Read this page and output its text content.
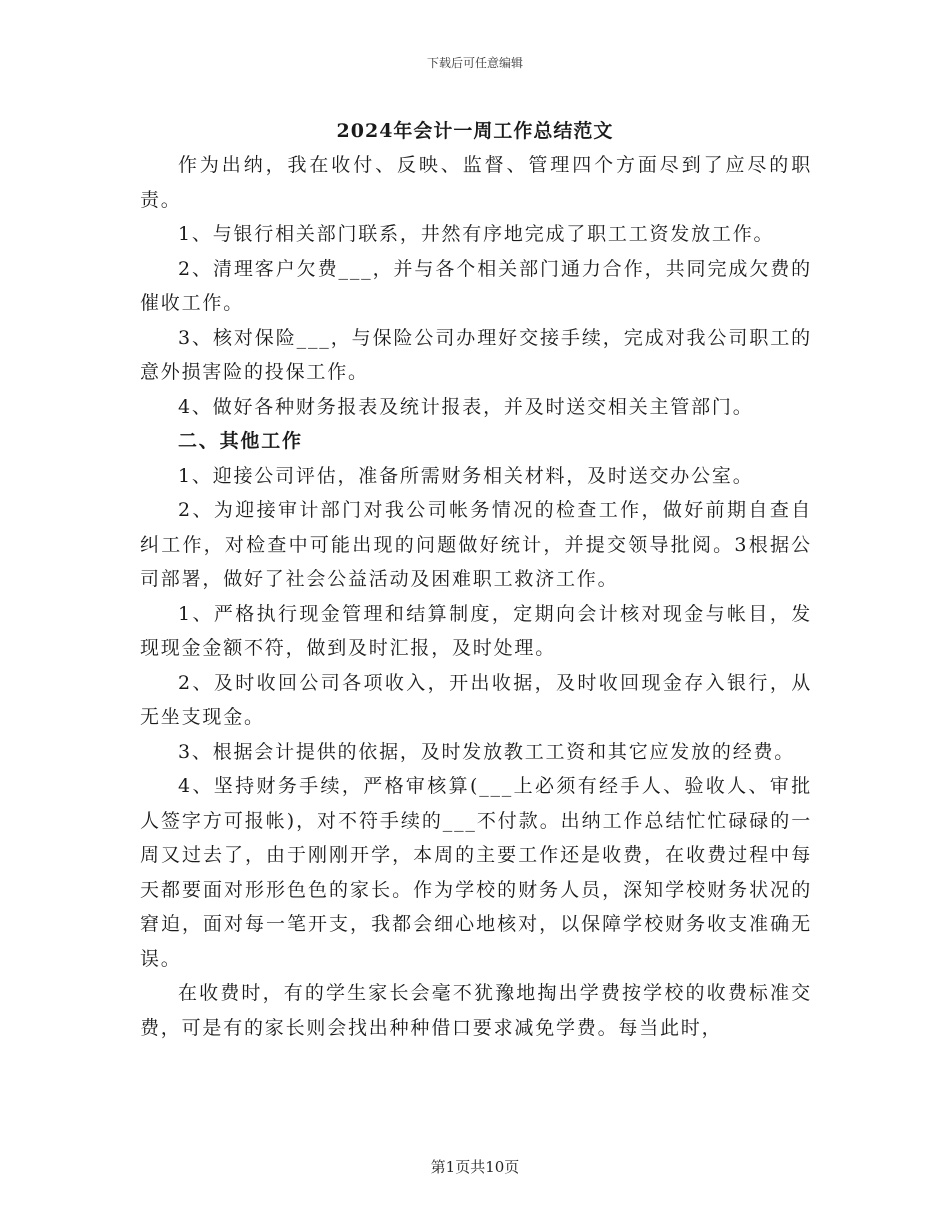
下载后可任意编辑
2024年会计一周工作总结范文

作为出纳，我在收付、反映、监督、管理四个方面尽到了应尽的职责。

1、与银行相关部门联系，井然有序地完成了职工工资发放工作。

2、清理客户欠费___，并与各个相关部门通力合作，共同完成欠费的催收工作。

3、核对保险___，与保险公司办理好交接手续，完成对我公司职工的意外损害险的投保工作。

4、做好各种财务报表及统计报表，并及时送交相关主管部门。

二、其他工作

1、迎接公司评估，准备所需财务相关材料，及时送交办公室。

2、为迎接审计部门对我公司帐务情况的检查工作，做好前期自查自纠工作，对检查中可能出现的问题做好统计，并提交领导批阅。3根据公司部署，做好了社会公益活动及困难职工救济工作。

1、严格执行现金管理和结算制度，定期向会计核对现金与帐目，发现现金金额不符，做到及时汇报，及时处理。

2、及时收回公司各项收入，开出收据，及时收回现金存入银行，从无坐支现金。

3、根据会计提供的依据，及时发放教工工资和其它应发放的经费。

4、坚持财务手续，严格审核算(___上必须有经手人、验收人、审批人签字方可报帐)，对不符手续的___不付款。出纳工作总结忙忙碌碌的一周又过去了，由于刚刚开学，本周的主要工作还是收费，在收费过程中每天都要面对形形色色的家长。作为学校的财务人员，深知学校财务状况的窘迫，面对每一笔开支，我都会细心地核对，以保障学校财务收支准确无误。

在收费时，有的学生家长会毫不犹豫地掏出学费按学校的收费标准交费，可是有的家长则会找出种种借口要求减免学费。每当此时，

第1页共10页
